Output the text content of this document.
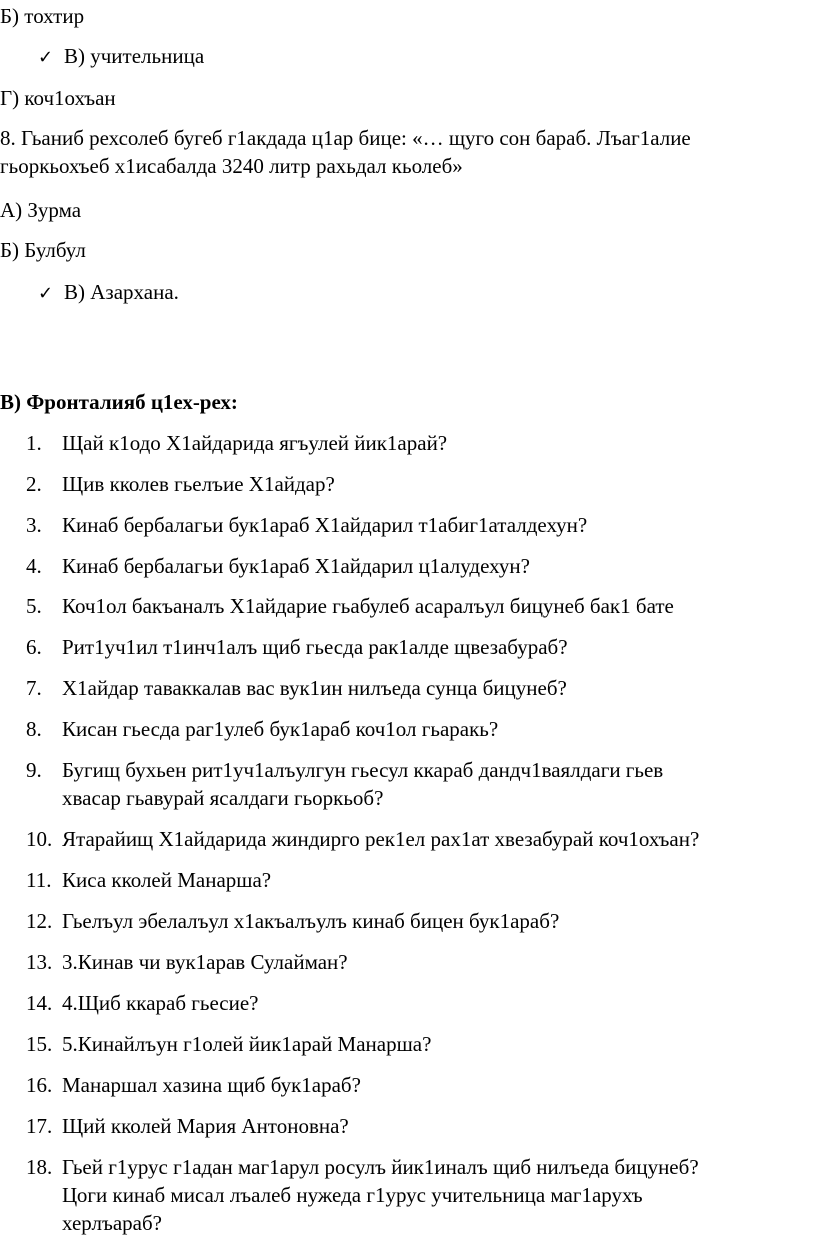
Б) тохтир
✓ В) учительница
Г) коч1охъан
8. Гьаниб рехсолеб бугеб г1акдада ц1ар бице: «… щуго сон бараб. Лъаг1алие
гьоркьохъеб х1исабалда 3240 литр рахьдал кьолеб»
А) Зурма
Б) Булбул
✓ В) Азархана.
В) Фронталияб ц1ех-рех:
1. Щай к1одо Х1айдарида ягъулей йик1арай?
2. Щив кколев гьелъие Х1айдар?
3. Кинаб бербалагьи бук1араб Х1айдарил т1абиг1аталдехун?
4. Кинаб бербалагьи бук1араб Х1айдарил ц1алудехун?
5. Коч1ол бакъаналъ Х1айдарие гьабулеб асаралъул бицунеб бак1 бате
6. Рит1уч1ил т1инч1алъ щиб гьесда рак1алде щвезабураб?
7. Х1айдар таваккалав вас вук1ин нилъеда сунца бицунеб?
8. Кисан гьесда раг1улеб бук1араб коч1ол гьаракь?
9. Бугищ бухьен рит1уч1алъулгун гьесул ккараб дандч1ваялдаги гьев
хвасар гьавурай ясалдаги гьоркьоб?
10. Ятарайищ Х1айдарида жиндирго рек1ел рах1ат хвезабурай коч1охъан?
11. Киса кколей Манарша?
12. Гьелъул эбелалъул х1акъалъулъ кинаб бицен бук1араб?
13. 3.Кинав чи вук1арав Сулайман?
14. 4.Щиб ккараб гьесие?
15. 5.Кинайлъун г1олей йик1арай Манарша?
16. Манаршал хазина щиб бук1араб?
17. Щий кколей Мария Антоновна?
18. Гьей г1урус г1адан маг1арул росулъ йик1иналъ щиб нилъеда бицунеб?
Цоги кинаб мисал лъалеб нужеда г1урус учительница маг1арухъ
херлъараб?
